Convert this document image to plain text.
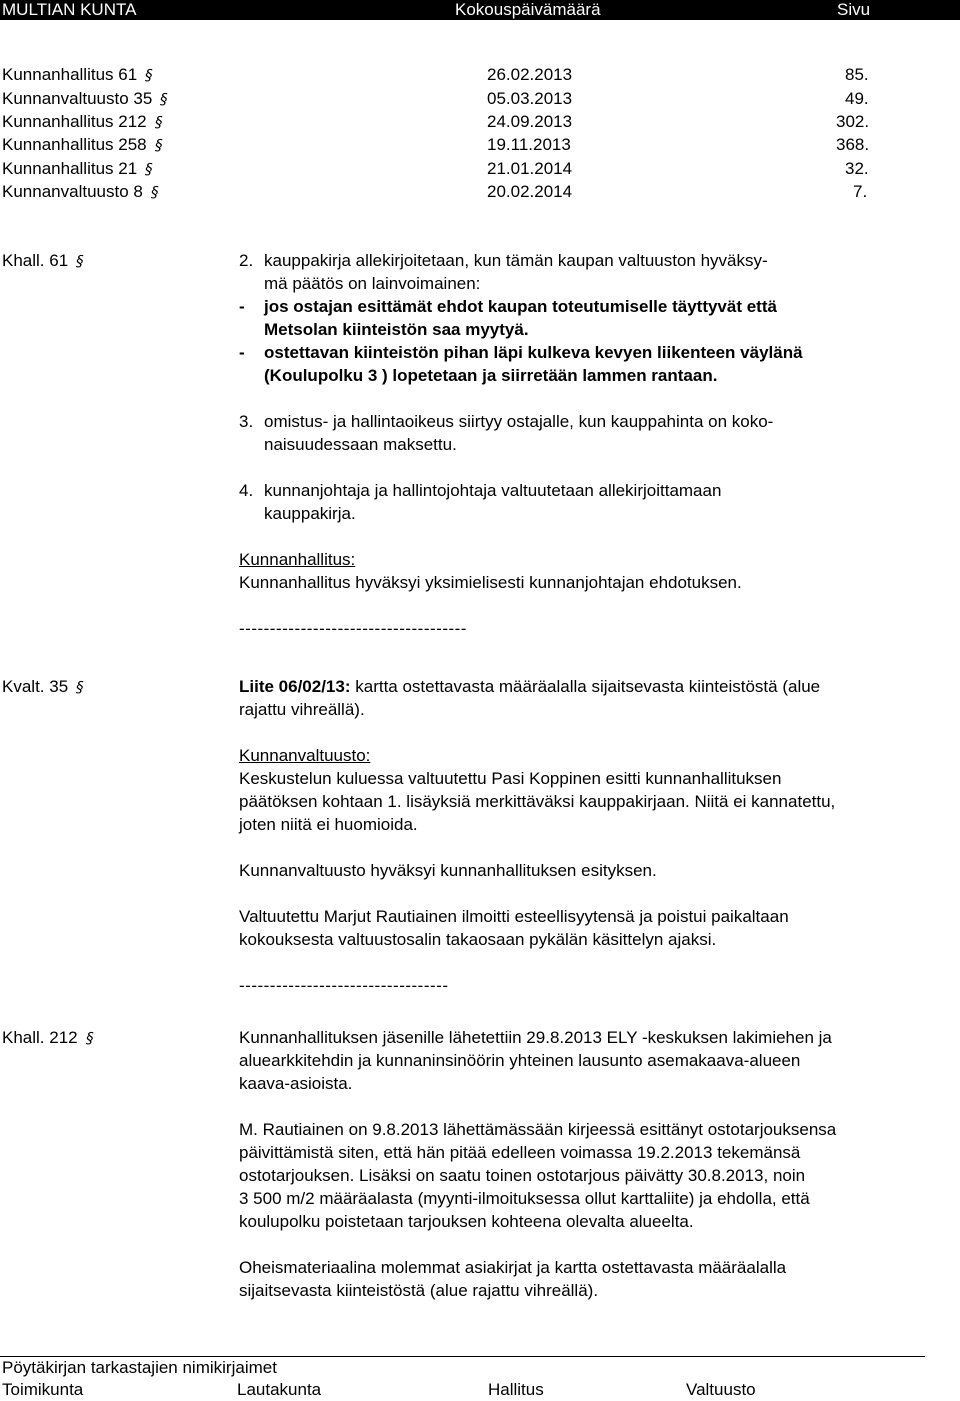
MULTIAN KUNTA	Kokouspäivämäärä	Sivu
Kunnanhallitus 61 §	26.02.2013	85.
Kunnanvaltuusto 35 §	05.03.2013	49.
Kunnanhallitus 212 §	24.09.2013	302.
Kunnanhallitus 258 §	19.11.2013	368.
Kunnanhallitus 21 §	21.01.2014	32.
Kunnanvaltuusto 8 §	20.02.2014	7.
Khall. 61 §	2. kauppakirja allekirjoitetaan, kun tämän kaupan valtuuston hyväksy-

mä päätös on lainvoimainen:

- jos ostajan esittämät ehdot kaupan toteutumiselle täyttyvät että

Metsolan kiinteistön saa myytyä.

- ostettavan kiinteistön pihan läpi kulkeva kevyen liikenteen väylänä

(Koulupolku 3 ) lopetetaan ja siirretään lammen rantaan.

3. omistus- ja hallintaoikeus siirtyy ostajalle, kun kauppahinta on koko-

naisuudessaan maksettu.

4. kunnanjohtaja ja hallintojohtaja valtuutetaan allekirjoittamaan

kauppakirja.

Kunnanhallitus:

Kunnanhallitus hyväksyi yksimielisesti kunnanjohtajan ehdotuksen.

-------------------------------------

Kvalt. 35 §	Liite 06/02/13: kartta ostettavasta määräalalla sijaitsevasta kiinteistöstä (alue

rajattu vihreällä).

Kunnanvaltuusto:

Keskustelun kuluessa valtuutettu Pasi Koppinen esitti kunnanhallituksen

päätöksen kohtaan 1. lisäyksiä merkittäväksi kauppakirjaan. Niitä ei kannatettu,

joten niitä ei huomioida.

Kunnanvaltuusto hyväksyi kunnanhallituksen esityksen.

Valtuutettu Marjut Rautiainen ilmoitti esteellisyytensä ja poistui paikaltaan

kokouksesta valtuustosalin takaosaan pykälän käsittelyn ajaksi.

----------------------------------

Khall. 212 §	Kunnanhallituksen jäsenille lähetettiin 29.8.2013 ELY -keskuksen lakimiehen ja

aluearkkitehdin ja kunnaninsinöörin yhteinen lausunto asemakaava-alueen

kaava-asioista.

M. Rautiainen on 9.8.2013 lähettämässään kirjeessä esittänyt ostotarjouksensa

päivittämistä siten, että hän pitää edelleen voimassa 19.2.2013 tekemänsä

ostotarjouksen. Lisäksi on saatu toinen ostotarjous päivätty 30.8.2013, noin

3 500 m/2 määräalasta (myynti-ilmoituksessa ollut karttaliite) ja ehdolla, että

koulupolku poistetaan tarjouksen kohteena olevalta alueelta.

Oheismateriaalina molemmat asiakirjat ja kartta ostettavasta määräalalla

sijaitsevasta kiinteistöstä (alue rajattu vihreällä).

Pöytäkirjan tarkastajien nimikirjaimet
Toimikunta	Lautakunta	Hallitus	Valtuusto
